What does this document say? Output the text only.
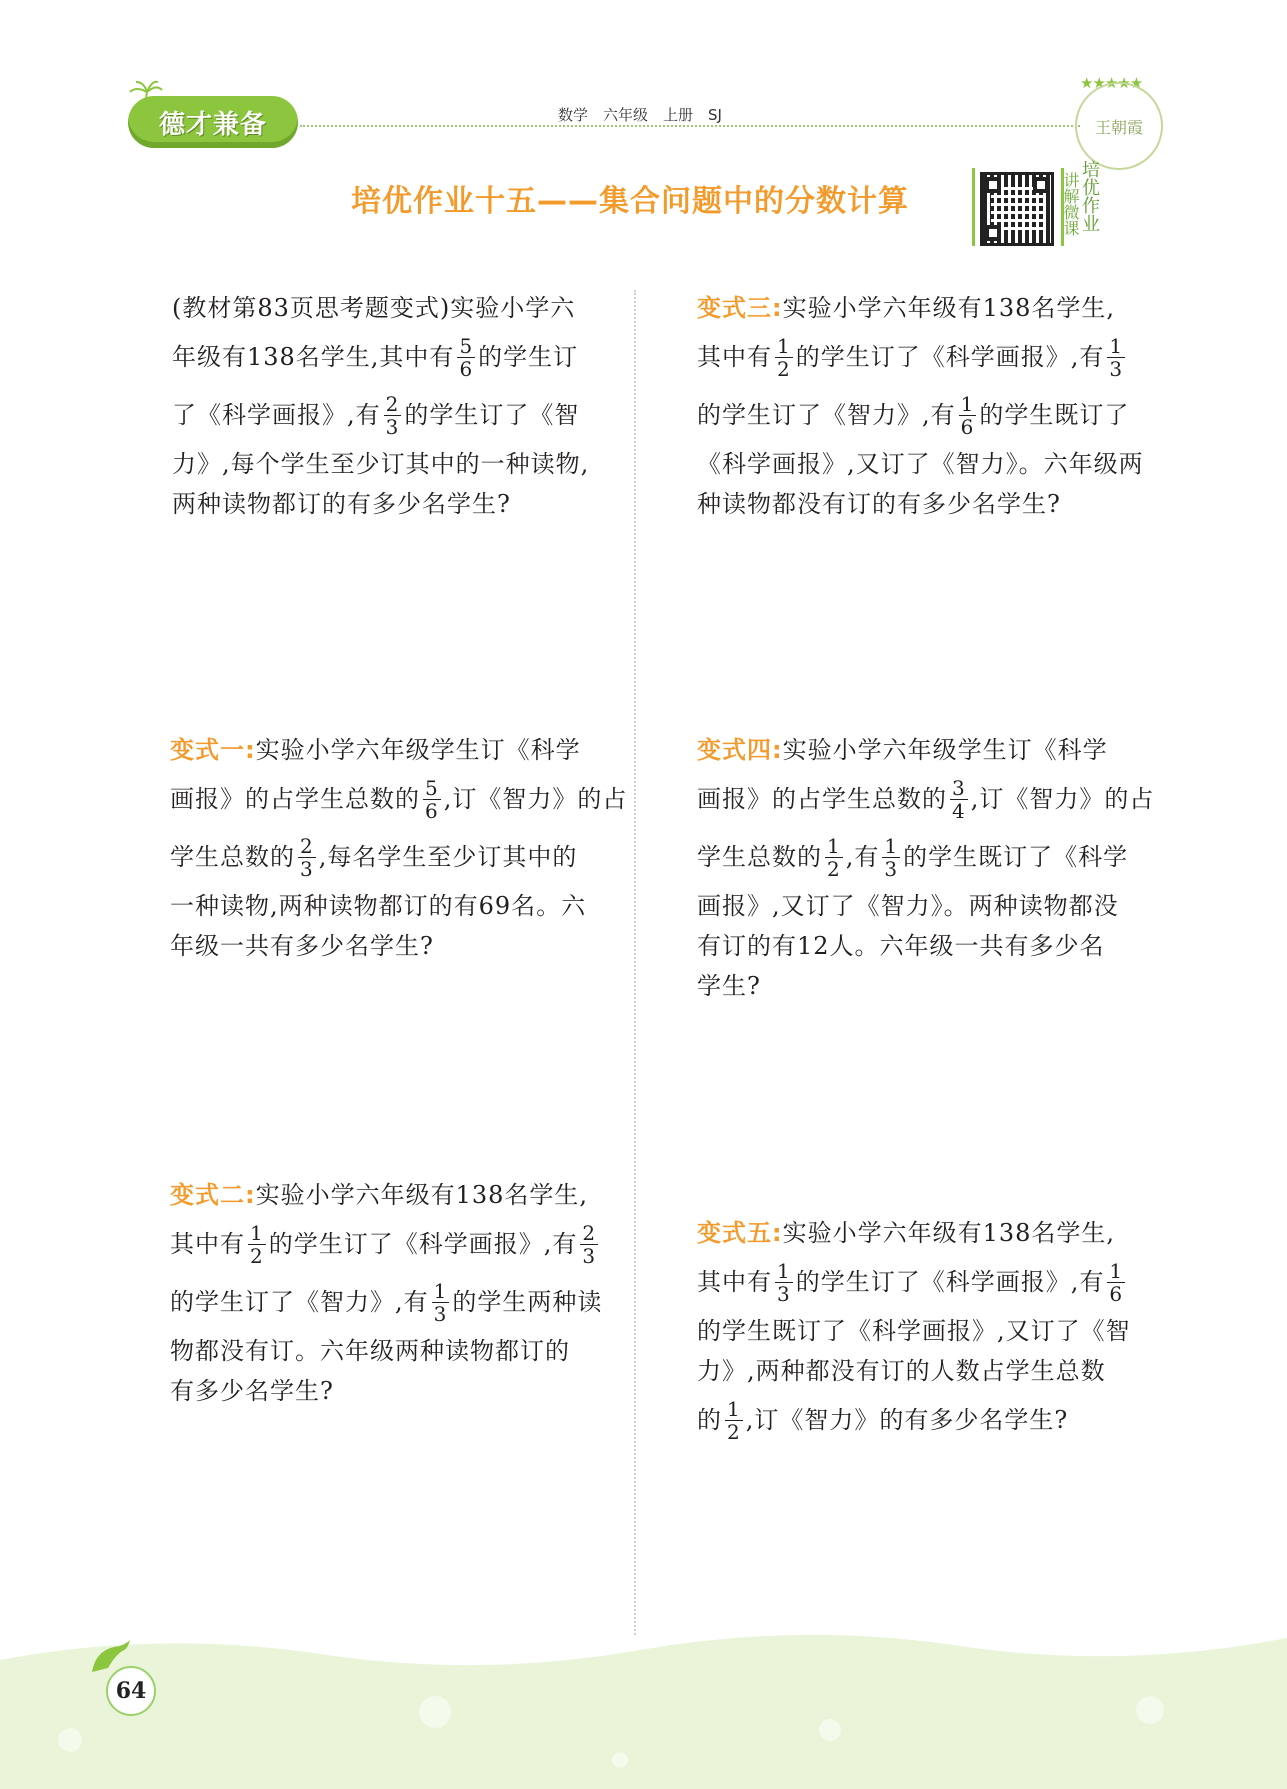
德才兼备	数学　六年级　上册　SJ
★★★★★
王朝霞
培优作业十五——集合问题中的分数计算	讲解微课 培优作业
(教材第83页思考题变式)实验小学六
年级有138名学生,其中有 $\frac{5}{6}$ 的学生订
了《科学画报》,有 $\frac{2}{3}$ 的学生订了《智
力》,每个学生至少订其中的一种读物,
两种读物都订的有多少名学生?
变式一: 实验小学六年级学生订《科学
画报》的占学生总数的 $\frac{5}{6}$ ,订《智力》的占
学生总数的 $\frac{2}{3}$ ,每名学生至少订其中的
一种读物,两种读物都订的有69名。六
年级一共有多少名学生?
变式二: 实验小学六年级有138名学生,
其中有 $\frac{1}{2}$ 的学生订了《科学画报》,有 $\frac{2}{3}$
的学生订了《智力》,有 $\frac{1}{3}$ 的学生两种读
物都没有订。六年级两种读物都订的
有多少名学生?
变式三: 实验小学六年级有138名学生,
其中有 $\frac{1}{2}$ 的学生订了《科学画报》,有 $\frac{1}{3}$
的学生订了《智力》,有 $\frac{1}{6}$ 的学生既订了
《科学画报》,又订了《智力》。六年级两
种读物都没有订的有多少名学生?
变式四: 实验小学六年级学生订《科学
画报》的占学生总数的 $\frac{3}{4}$ ,订《智力》的占
学生总数的 $\frac{1}{2}$ ,有 $\frac{1}{3}$ 的学生既订了《科学
画报》,又订了《智力》。两种读物都没
有订的有12人。六年级一共有多少名
学生?
变式五: 实验小学六年级有138名学生,
其中有 $\frac{1}{3}$ 的学生订了《科学画报》,有 $\frac{1}{6}$
的学生既订了《科学画报》,又订了《智
力》,两种都没有订的人数占学生总数
的 $\frac{1}{2}$ ,订《智力》的有多少名学生?
64
